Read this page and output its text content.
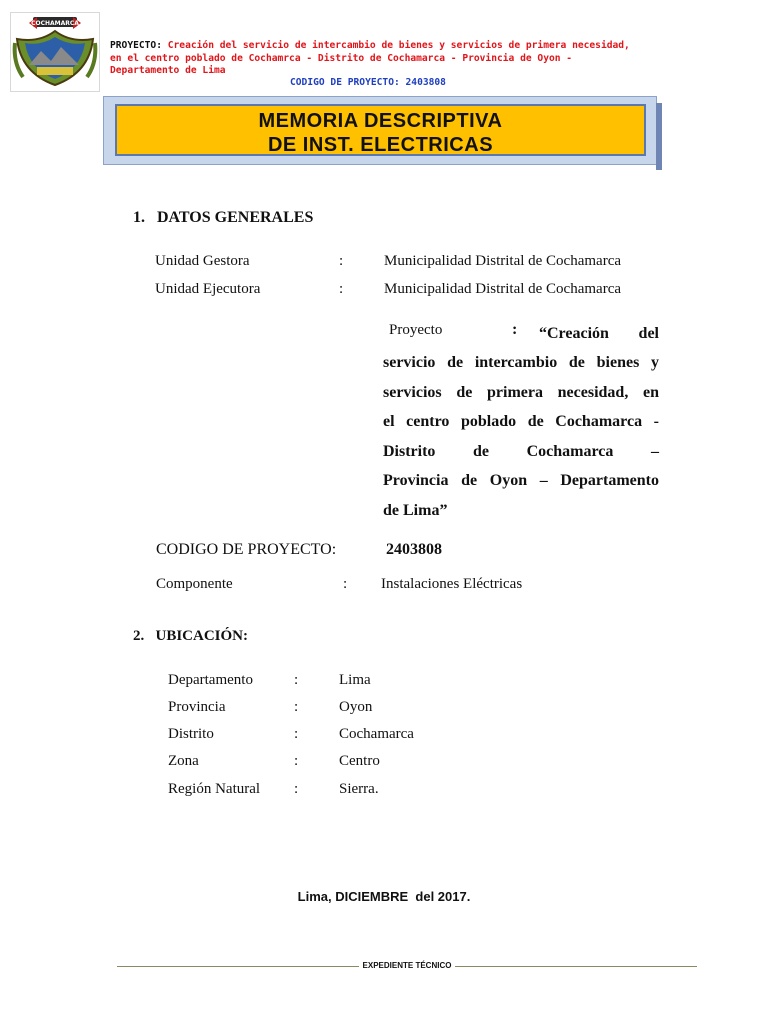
COCHAMARCA
PROYECTO: Creación del servicio de intercambio de bienes y servicios de primera necesidad,
en el centro poblado de Cochamrca - Distrito de Cochamarca - Provincia de Oyon -
Departamento de Lima
CODIGO DE PROYECTO: 2403808
MEMORIA DESCRIPTIVA
DE INST. ELECTRICAS
1.   DATOS GENERALES
Unidad Gestora	:	Municipalidad Distrital de Cochamarca
Unidad Ejecutora	:	Municipalidad Distrital de Cochamarca
Proyecto	: “Creación del
servicio de intercambio de bienes y
servicios de primera necesidad, en
el centro poblado de Cochamarca -
Distrito de Cochamarca –
Provincia de Oyon – Departamento
de Lima”
CODIGO DE PROYECTO:	2403808
Componente	: Instalaciones Eléctricas
2.   UBICACIÓN:
Departamento	:	Lima
Provincia	:	Oyon
Distrito	:	Cochamarca
Zona	:	Centro
Región Natural :	Sierra.
Lima, DICIEMBRE  del 2017.
EXPEDIENTE TÉCNICO
